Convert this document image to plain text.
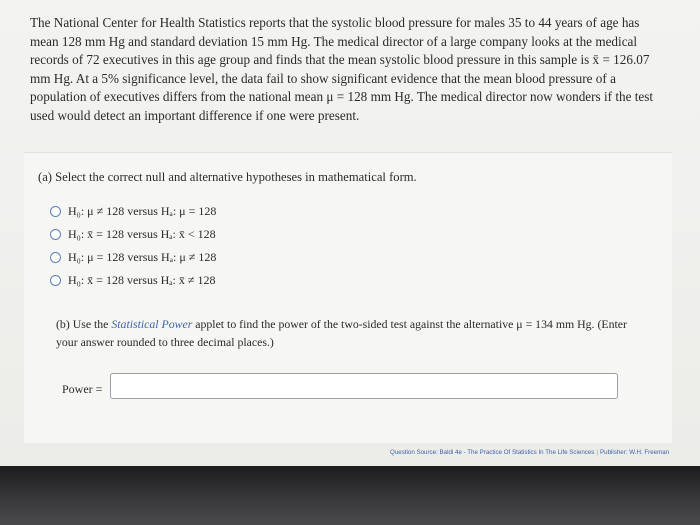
The National Center for Health Statistics reports that the systolic blood pressure for males 35 to 44 years of age has mean 128 mm Hg and standard deviation 15 mm Hg. The medical director of a large company looks at the medical records of 72 executives in this age group and finds that the mean systolic blood pressure in this sample is x̄ = 126.07 mm Hg. At a 5% significance level, the data fail to show significant evidence that the mean blood pressure of a population of executives differs from the national mean μ = 128 mm Hg. The medical director now wonders if the test used would detect an important difference if one were present.
(a) Select the correct null and alternative hypotheses in mathematical form.
H₀: μ ≠ 128 versus Hₐ: μ = 128
H₀: x̄ = 128 versus Hₐ: x̄ < 128
H₀: μ = 128 versus Hₐ: μ ≠ 128
H₀: x̄ = 128 versus Hₐ: x̄ ≠ 128
(b) Use the Statistical Power applet to find the power of the two-sided test against the alternative μ = 134 mm Hg. (Enter your answer rounded to three decimal places.)
Power =
Question Source: Baldi 4e - The Practice Of Statistics In The Life Sciences | Publisher: W.H. Freeman
